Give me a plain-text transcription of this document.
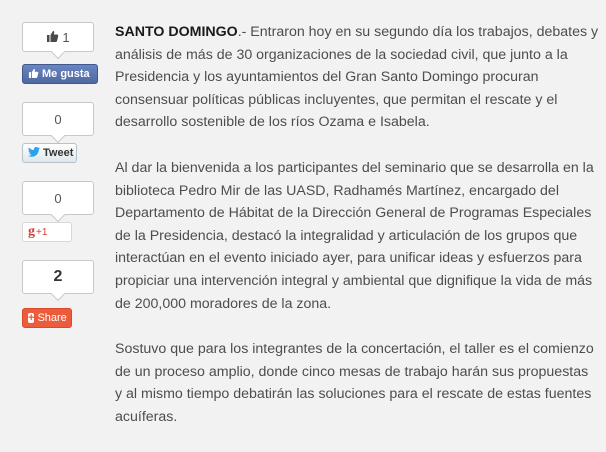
1
Me gusta
0
Tweet
0
g +1
2
+ Share

SANTO DOMINGO.- Entraron hoy en su segundo día los trabajos, debates y análisis de más de 30 organizaciones de la sociedad civil, que junto a la Presidencia y los ayuntamientos del Gran Santo Domingo procuran consensuar políticas públicas incluyentes, que permitan el rescate y el desarrollo sostenible de los ríos Ozama e Isabela.

Al dar la bienvenida a los participantes del seminario que se desarrolla en la biblioteca Pedro Mir de las UASD, Radhamés Martínez, encargado del Departamento de Hábitat de la Dirección General de Programas Especiales de la Presidencia, destacó la integralidad y articulación de los grupos que interactúan en el evento iniciado ayer, para unificar ideas y esfuerzos para propiciar una intervención integral y ambiental que dignifique la vida de más de 200,000 moradores de la zona.

Sostuvo que para los integrantes de la concertación, el taller es el comienzo de un proceso amplio, donde cinco mesas de trabajo harán sus propuestas y al mismo tiempo debatirán las soluciones para el rescate de estas fuentes acuíferas.
